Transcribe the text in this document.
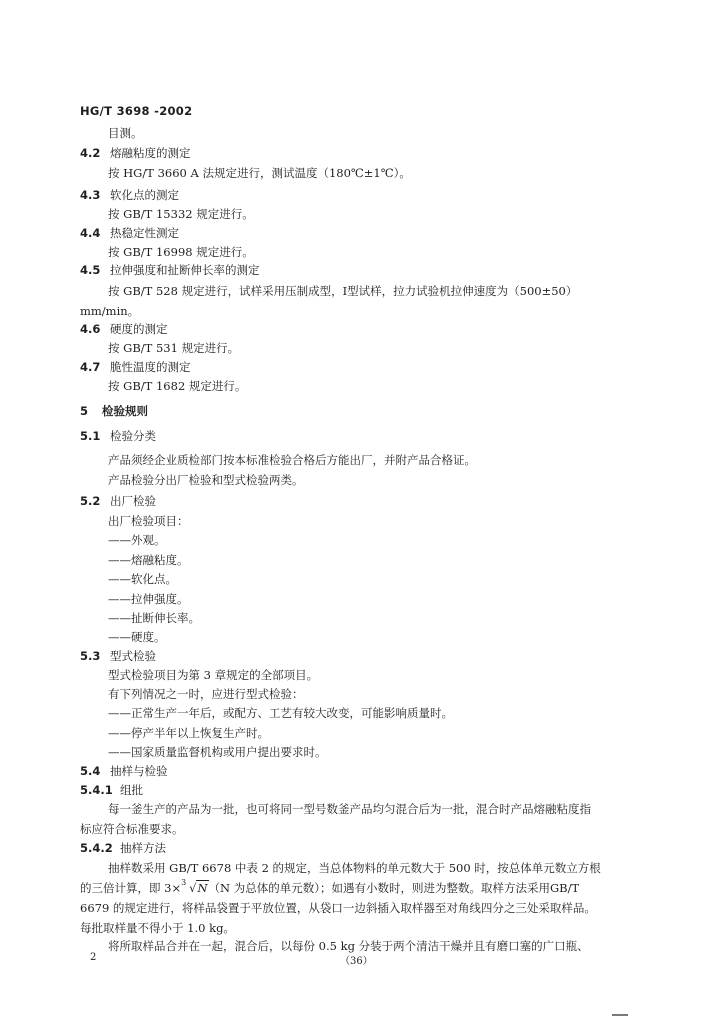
HG/T 3698 -2002
目测。
4.2 熔融粘度的测定
按 HG/T 3660 A 法规定进行，测试温度（180℃±1℃）。
4.3 软化点的测定
按 GB/T 15332 规定进行。
4.4 热稳定性测定
按 GB/T 16998 规定进行。
4.5 拉伸强度和扯断伸长率的测定
按 GB/T 528 规定进行，试样采用压制成型，Ⅰ型试样，拉力试验机拉伸速度为（500±50）
mm/min。
4.6 硬度的测定
按 GB/T 531 规定进行。
4.7 脆性温度的测定
按 GB/T 1682 规定进行。
5 检验规则
5.1 检验分类
产品须经企业质检部门按本标准检验合格后方能出厂，并附产品合格证。
产品检验分出厂检验和型式检验两类。
5.2 出厂检验
出厂检验项目：
——外观。
——熔融粘度。
——软化点。
——拉伸强度。
——扯断伸长率。
——硬度。
5.3 型式检验
型式检验项目为第 3 章规定的全部项目。
有下列情况之一时，应进行型式检验：
——正常生产一年后，或配方、工艺有较大改变，可能影响质量时。
——停产半年以上恢复生产时。
——国家质量监督机构或用户提出要求时。
5.4 抽样与检验
5.4.1 组批
每一釜生产的产品为一批，也可将同一型号数釜产品均匀混合后为一批，混合时产品熔融粘度指
标应符合标准要求。
5.4.2 抽样方法
抽样数采用 GB/T 6678 中表 2 的规定，当总体物料的单元数大于 500 时，按总体单元数立方根
的三倍计算，即 3× 3 √N（N 为总体的单元数）；如遇有小数时，则进为整数。取样方法采用GB/T
6679 的规定进行，将样品袋置于平放位置，从袋口一边斜插入取样器至对角线四分之三处采取样品。
每批取样量不得小于 1.0 kg。
将所取样品合并在一起，混合后，以每份 0.5 kg 分装于两个清洁干燥并且有磨口塞的广口瓶、
2	（36）
